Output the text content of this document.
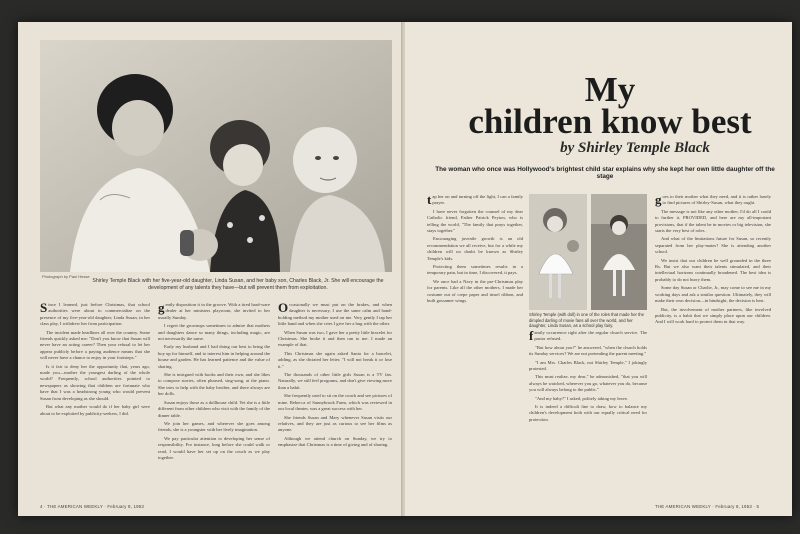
Photograph by Paul Hesse
Shirley Temple Black with her five-year-old daughter, Linda Susan, and her baby son, Charles Black, Jr. She will encourage the development of any talents they have—but will prevent them from exploitation.

Since I learned, just before Christmas, that school authorities were about to commercialize on the presence of my five-year-old daughter, Linda Susan, in her class play, I withdrew her from participation.

The incident made headlines all over the country. Some friends quickly asked me: "Don't you know that Susan will never have an acting career? Then your refusal to let her appear publicly before a paying audience means that she will never have a chance to enjoy in your footsteps."

Is it fair to deny her the opportunity that, years ago, made you—mother the youngest darling of the whole world? Frequently, school authorities pointed to newspapers as showing that children are fortunate who have that I was a headstrong young who would prevent Susan from developing as she should.

But what any mother would do if her baby girl were about to be exploited by publicity-seekers, I did.

gently disposition it in the groove. With a tired hard-ware dealer at her ministers playroom, she invited to her usually Sunday.

I regret the grownups sometimes to admire that mothers and daughters dance so many things, including magic, are not necessarily the same.

Early my husband and I had doing our best to bring the boy up for himself, and to interest him in helping around the house and garden. He has learned patience and the value of sharing.

She is intrigued with books and their own, and she likes to compose stories, often phrased, sing-song, at the piano. She tries to help with the baby brother, and there always are her dolls.

Susan enjoys those as a dollhouse child. Yet she is a little different from other children who visit with the family of the dinner table.

We join her games, and wherever she goes among friends, she is a youngster with her lively imagination.

We pay particular attention to developing her sense of responsibility. For instance, long before she could walk or read, I would have her set up on the couch as we play together.

Occasionally we must put on the brakes, and when daughter is necessary, I use the same calm and hand-holding method my mother used on me. Very gently I tap her little hand and when she cries I give her a hug with the other.

When Susan was two, I gave her a pretty little bracelet for Christmas. She broke it and then ran to me. I made an example of that.

This Christmas she again asked Santa for a bracelet, adding, as she dictated her letter, "I will not break it or lose it."

The thousands of other little girls Susan is a TV fan. Naturally, we still feel programs, and don't give viewing more than a habit.

She frequently used to sit on the couch and see pictures of mine. Rebecca of Sunnybrook Farm, which was reviewed in our local theater, was a great success with her.

She friends Susan and Mary whenever Susan visits our relatives, and they are just as curious to see her films as anyone.

Although we attend church on Sunday, we try to emphasize that Christmas is a time of giving and of sharing.

4 · THE AMERICAN WEEKLY · February 8, 1953
My
children know best
by Shirley Temple Black
The woman who once was Hollywood's brightest child star explains why she kept her own little daughter off the stage

tap her on and turning off the light, I can a family prayer.

I have never forgotten the counsel of my dear Catholic friend, Father Patrick Peyton, who is telling the world, "The family that prays together, stays together."

Encouraging juvenile growth is an old recommendation we all receive, but for a while my children will no doubt be known as Shirley Temple's kids.

Protecting them sometimes results in a temporary pain, but in time, I discovered, it pays.

We once had a Navy in the pre-Christmas play for parents. Like all the other mothers, I made her costume out of crepe paper and tinsel ribbon, and built gossamer wings.

Shirley Temple (with doll) in one of the roles that made her the dimpled darling of movie fans all over the world, and her daughter, Linda Susan, as a school play fairy.

family occurrence right after the regular church service. The pastor refused.

"But how about you?" he answered, "when the church holds its Sunday services? We are not pretending the parent meeting."

"I am Mrs. Charles Black, not Shirley Temple," I jokingly protested.

This must realize, my dear," he admonished, "that you will always be watched, wherever you go, whatever you do, because you will always belong to the public."

"And my baby?" I asked, politely taking my leave.

It is indeed a difficult line to draw, how to balance my children's development both with our equally critical need for protection.

goes to their mother what they need, and it is rather lonely to find pictures of Shirley-Susan, what they ought.

The message is not like any other mother, I'd do all I could to further it, PROVIDED, and here are my all-important provisions, that if the talent be in movies or big television, she starts the very best of roles.

And what of the limitations future for Susan, so recently separated from her play-mates? She is attending another school.

We insist that our children be well grounded in the three Rs. But we also want their talents stimulated, and their intellectual horizons continually broadened. The best idea is probably to do not hurry them.

Some day Susan or Charlie, Jr., may come to see me in my working days and ask a similar question. Ultimately, they will make their own decision—in hindsight, the decision is best.

But, the involvement of mother partners, like involved publicity, is a habit that we simply place upon our children. And I will work hard to protect them in that way.

THE AMERICAN WEEKLY · February 8, 1953 · 5
